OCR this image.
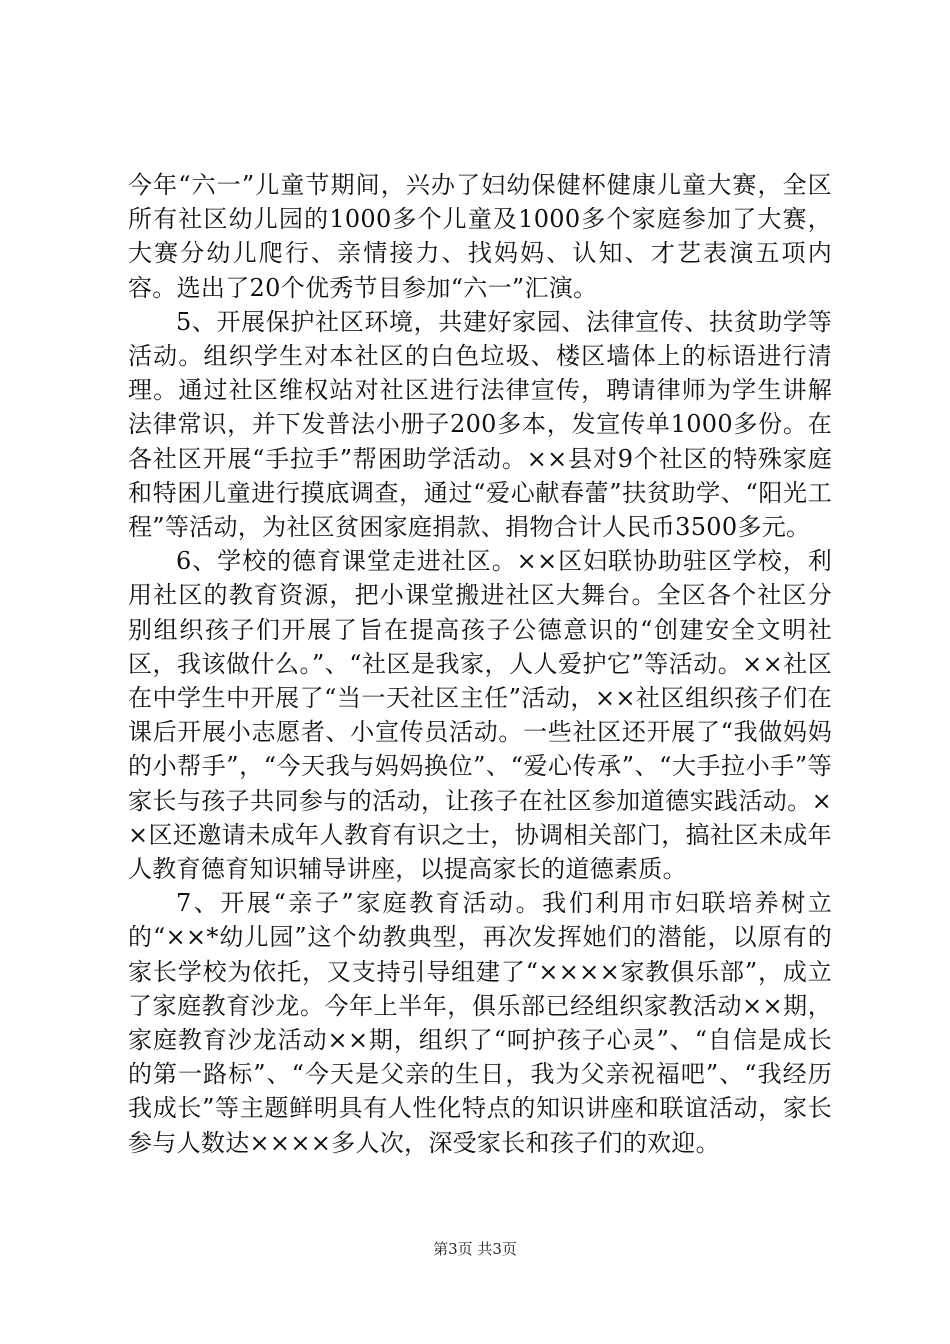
今年“六一”儿童节期间，兴办了妇幼保健杯健康儿童大赛，全区所有社区幼儿园的1000多个儿童及1000多个家庭参加了大赛，大赛分幼儿爬行、亲情接力、找妈妈、认知、才艺表演五项内容。选出了20个优秀节目参加“六一”汇演。

5、开展保护社区环境，共建好家园、法律宣传、扶贫助学等活动。组织学生对本社区的白色垃圾、楼区墙体上的标语进行清理。通过社区维权站对社区进行法律宣传，聘请律师为学生讲解法律常识，并下发普法小册子200多本，发宣传单1000多份。在各社区开展“手拉手”帮困助学活动。××县对9个社区的特殊家庭和特困儿童进行摸底调查，通过“爱心献春蕾”扶贫助学、“阳光工程”等活动，为社区贫困家庭捐款、捐物合计人民币3500多元。

6、学校的德育课堂走进社区。××区妇联协助驻区学校，利用社区的教育资源，把小课堂搬进社区大舞台。全区各个社区分别组织孩子们开展了旨在提高孩子公德意识的“创建安全文明社区，我该做什么。”、“社区是我家，人人爱护它”等活动。××社区在中学生中开展了“当一天社区主任”活动，××社区组织孩子们在课后开展小志愿者、小宣传员活动。一些社区还开展了“我做妈妈的小帮手”，“今天我与妈妈换位”、“爱心传承”、“大手拉小手”等家长与孩子共同参与的活动，让孩子在社区参加道德实践活动。××区还邀请未成年人教育有识之士，协调相关部门，搞社区未成年人教育德育知识辅导讲座，以提高家长的道德素质。

7、开展“亲子”家庭教育活动。我们利用市妇联培养树立的“××*幼儿园”这个幼教典型，再次发挥她们的潜能，以原有的家长学校为依托，又支持引导组建了“××××家教俱乐部”，成立了家庭教育沙龙。今年上半年，俱乐部已经组织家教活动××期，家庭教育沙龙活动××期，组织了“呵护孩子心灵”、“自信是成长的第一路标”、“今天是父亲的生日，我为父亲祝福吧”、“我经历我成长”等主题鲜明具有人性化特点的知识讲座和联谊活动，家长参与人数达××××多人次，深受家长和孩子们的欢迎。

第3页 共3页
